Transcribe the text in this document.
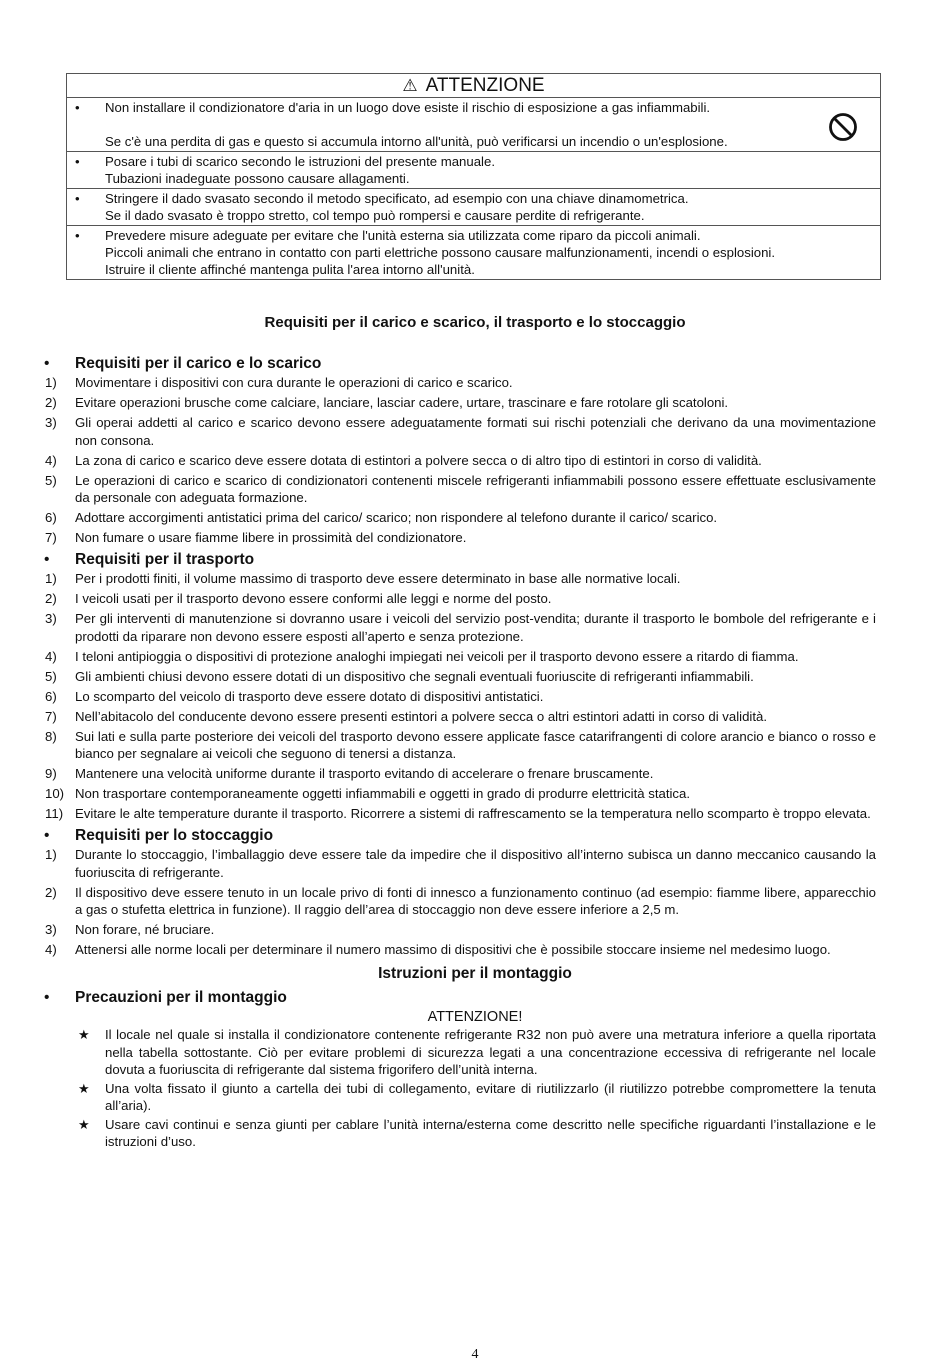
⚠ ATTENZIONE
• Non installare il condizionatore d'aria in un luogo dove esiste il rischio di esposizione a gas infiammabili.

Se c'è una perdita di gas e questo si accumula intorno all'unità, può verificarsi un incendio o un'esplosione.

• Posare i tubi di scarico secondo le istruzioni del presente manuale.

Tubazioni inadeguate possono causare allagamenti.

• Stringere il dado svasato secondo il metodo specificato, ad esempio con una chiave dinamometrica.

Se il dado svasato è troppo stretto, col tempo può rompersi e causare perdite di refrigerante.

• Prevedere misure adeguate per evitare che l'unità esterna sia utilizzata come riparo da piccoli animali.

Piccoli animali che entrano in contatto con parti elettriche possono causare malfunzionamenti, incendi o esplosioni.

Istruire il cliente affinché mantenga pulita l'area intorno all'unità.

Requisiti per il carico e scarico, il trasporto e lo stoccaggio
• Requisiti per il carico e lo scarico
1) Movimentare i dispositivi con cura durante le operazioni di carico e scarico.
2) Evitare operazioni brusche come calciare, lanciare, lasciar cadere, urtare, trascinare e fare rotolare gli scatoloni.
3) Gli operai addetti al carico e scarico devono essere adeguatamente formati sui rischi potenziali che derivano da una movimentazione non consona.
4) La zona di carico e scarico deve essere dotata di estintori a polvere secca o di altro tipo di estintori in corso di validità.
5) Le operazioni di carico e scarico di condizionatori contenenti miscele refrigeranti infiammabili possono essere effettuate esclusivamente da personale con adeguata formazione.
6) Adottare accorgimenti antistatici prima del carico/ scarico; non rispondere al telefono durante il carico/ scarico.
7) Non fumare o usare fiamme libere in prossimità del condizionatore.
• Requisiti per il trasporto
1) Per i prodotti finiti, il volume massimo di trasporto deve essere determinato in base alle normative locali.
2) I veicoli usati per il trasporto devono essere conformi alle leggi e norme del posto.
3) Per gli interventi di manutenzione si dovranno usare i veicoli del servizio post-vendita; durante il trasporto le bombole del refrigerante e i prodotti da riparare non devono essere esposti all’aperto e senza protezione.
4) I teloni antipioggia o dispositivi di protezione analoghi impiegati nei veicoli per il trasporto devono essere a ritardo di fiamma.
5) Gli ambienti chiusi devono essere dotati di un dispositivo che segnali eventuali fuoriuscite di refrigeranti infiammabili.
6) Lo scomparto del veicolo di trasporto deve essere dotato di dispositivi antistatici.
7) Nell’abitacolo del conducente devono essere presenti estintori a polvere secca o altri estintori adatti in corso di validità.
8) Sui lati e sulla parte posteriore dei veicoli del trasporto devono essere applicate fasce catarifrangenti di colore arancio e bianco o rosso e bianco per segnalare ai veicoli che seguono di tenersi a distanza.
9) Mantenere una velocità uniforme durante il trasporto evitando di accelerare o frenare bruscamente.
10) Non trasportare contemporaneamente oggetti infiammabili e oggetti in grado di produrre elettricità statica.
11) Evitare le alte temperature durante il trasporto. Ricorrere a sistemi di raffrescamento se la temperatura nello scomparto è troppo elevata.
• Requisiti per lo stoccaggio
1) Durante lo stoccaggio, l’imballaggio deve essere tale da impedire che il dispositivo all’interno subisca un danno meccanico causando la fuoriuscita di refrigerante.
2) Il dispositivo deve essere tenuto in un locale privo di fonti di innesco a funzionamento continuo (ad esempio: fiamme libere, apparecchio a gas o stufetta elettrica in funzione). Il raggio dell’area di stoccaggio non deve essere inferiore a 2,5 m.
3) Non forare, né bruciare.
4) Attenersi alle norme locali per determinare il numero massimo di dispositivi che è possibile stoccare insieme nel medesimo luogo.
Istruzioni per il montaggio
• Precauzioni per il montaggio
ATTENZIONE!
★ Il locale nel quale si installa il condizionatore contenente refrigerante R32 non può avere una metratura inferiore a quella riportata nella tabella sottostante. Ciò per evitare problemi di sicurezza legati a una concentrazione eccessiva di refrigerante nel locale dovuta a fuoriuscita di refrigerante dal sistema frigorifero dell’unità interna.
★ Una volta fissato il giunto a cartella dei tubi di collegamento, evitare di riutilizzarlo (il riutilizzo potrebbe compromettere la tenuta all’aria).
★ Usare cavi continui e senza giunti per cablare l’unità interna/esterna come descritto nelle specifiche riguardanti l’installazione e le istruzioni d’uso.
4
